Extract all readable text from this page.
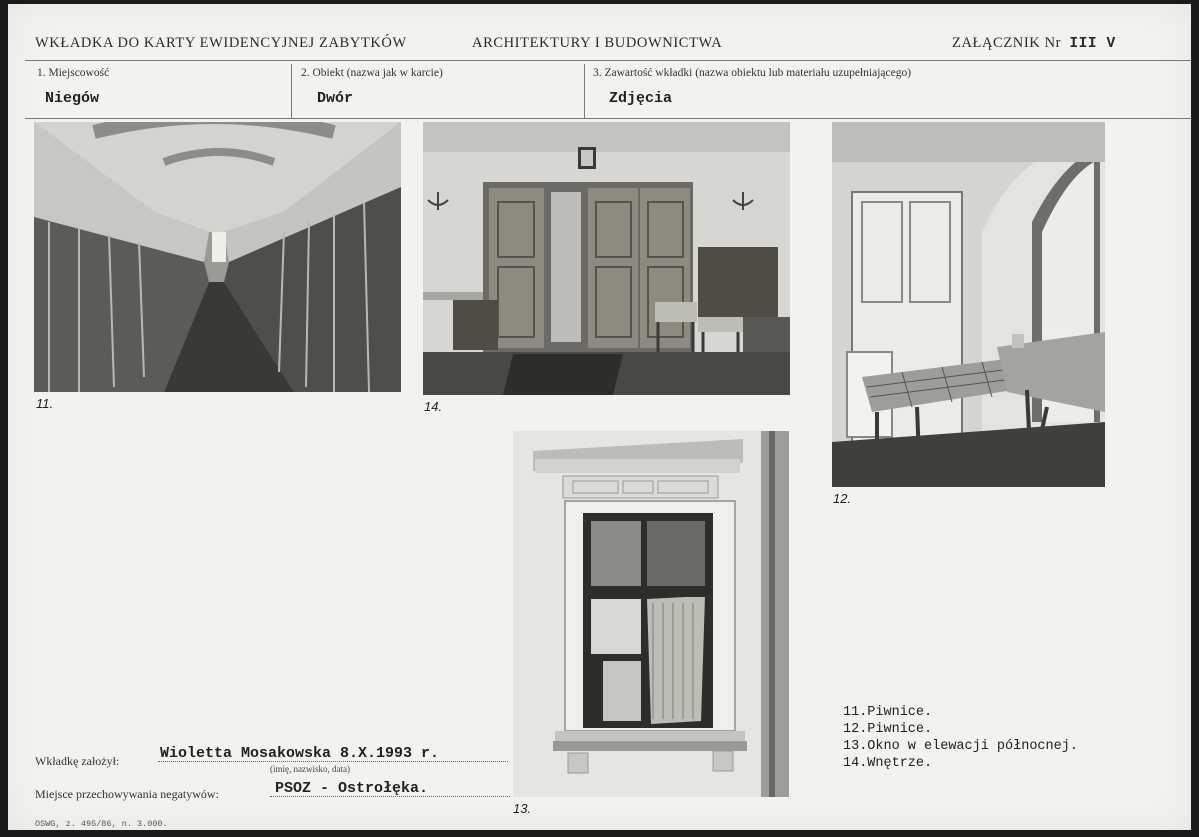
WKŁADKA DO KARTY EWIDENCYJNEJ ZABYTKÓW	ARCHITEKTURY I BUDOWNICTWA	ZAŁĄCZNIK Nr III V
1. Miejscowość
Niegów
2. Obiekt (nazwa jak w karcie)
Dwór
3. Zawartość wkładki (nazwa obiektu lub materiału uzupełniającego)
Zdjęcia
11.	14.
12.
13.
11.Piwnice.
12.Piwnice.
13.Okno w elewacji północnej.
14.Wnętrze.
Wkładkę założył:	Wioletta Mosakowska 8.X.1993 r.
(imię, nazwisko, data)
Miejsce przechowywania negatywów:	PSOZ - Ostrołęka.
OSWG, z. 495/86, n. 3.000.
